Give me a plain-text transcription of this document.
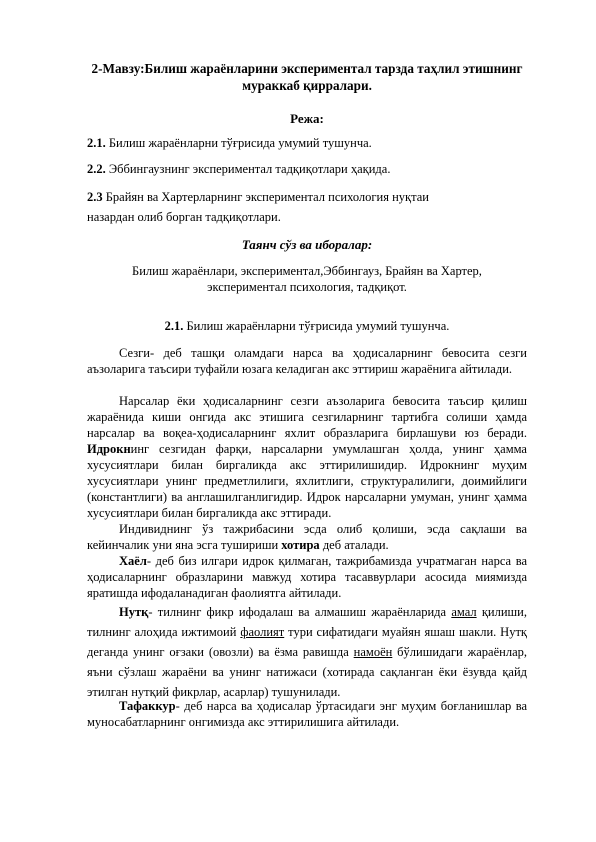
2-Мавзу:Билиш жараёнларини экспериментал тарзда таҳлил этишнинг
мураккаб қирралари.
Режа:
2.1. Билиш жараёнларни тўғрисида умумий тушунча.
2.2. Эббингаузнинг экспериментал тадқиқотлари ҳақида.
2.3 Брайян ва Хартерларнинг экспериментал психология нуқтаи назардан олиб борган тадқиқотлари.
Таянч сўз ва иборалар:
Билиш жараёнлари, экспериментал,Эббингауз, Брайян ва Хартер,
экспериментал психология, тадқиқот.
2.1. Билиш жараёнларни тўғрисида умумий тушунча.
Сезги- деб ташқи оламдаги нарса ва ҳодисаларнинг бевосита сезги аъзоларига таъсири туфайли юзага келадиган акс эттириш жараёнига айтилади.
Нарсалар ёки ҳодисаларнинг сезги аъзоларига бевосита таъсир қилиш жараёнида киши онгида акс этишига сезгиларнинг тартибга солиши ҳамда нарсалар ва воқеа-ҳодисаларнинг яхлит образларига бирлашуви юз беради. Идрокнинг сезгидан фарқи, нарсаларни умумлашган ҳолда, унинг ҳамма хусусиятлари билан биргаликда акс эттирилишидир. Идрокнинг муҳим хусусиятлари унинг предметлилиги, яхлитлиги, структуралилиги, доимийлиги (константлиги) ва англашилганлигидир. Идрок нарсаларни умуман, унинг ҳамма хусусиятлари билан биргаликда акс эттиради.
Индивиднинг ўз тажрибасини эсда олиб қолиши, эсда сақлаши ва кейинчалик уни яна эсга тушириши хотира деб аталади.
Хаёл- деб биз илгари идрок қилмаган, тажрибамизда учратмаган нарса ва ҳодисаларнинг образларини мавжуд хотира тасаввурлари асосида миямизда яратишда ифодаланадиган фаолиятга айтилади.
Нутқ- тилнинг фикр ифодалаш ва алмашиш жараёнларида амал қилиши, тилнинг алоҳида ижтимоий фаолият тури сифатидаги муайян яшаш шакли. Нутқ деганда унинг оғзаки (овозли) ва ёзма равишда намоён бўлишидаги жараёнлар, яъни сўзлаш жараёни ва унинг натижаси (хотирада сақланган ёки ёзувда қайд этилган нутқий фикрлар, асарлар) тушунилади.
Тафаккур- деб нарса ва ҳодисалар ўртасидаги энг муҳим боғланишлар ва муносабатларнинг онгимизда акс эттирилишига айтилади.
